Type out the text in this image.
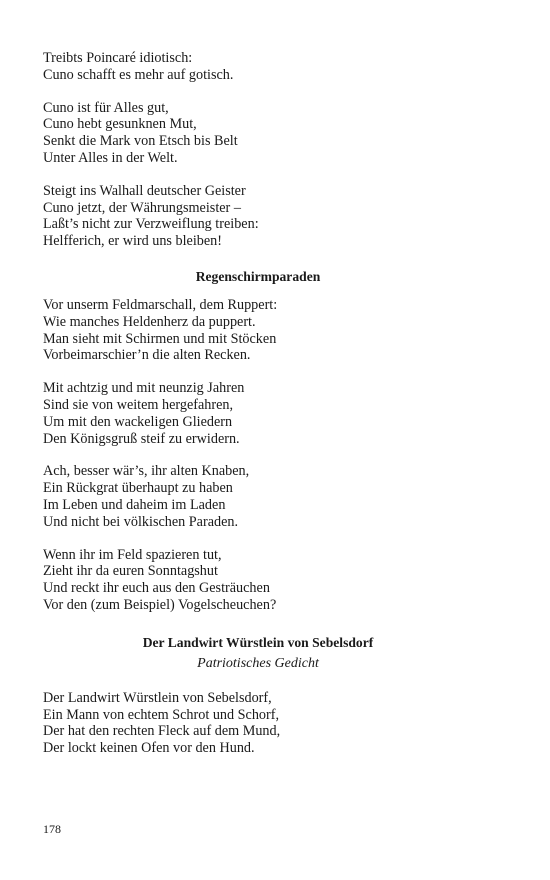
Treibts Poincaré idiotisch:
Cuno schafft es mehr auf gotisch.
Cuno ist für Alles gut,
Cuno hebt gesunknen Mut,
Senkt die Mark von Etsch bis Belt
Unter Alles in der Welt.
Steigt ins Walhall deutscher Geister
Cuno jetzt, der Währungsmeister –
Laßt’s nicht zur Verzweiflung treiben:
Helfferich, er wird uns bleiben!
Regenschirmparaden
Vor unserm Feldmarschall, dem Ruppert:
Wie manches Heldenherz da puppert.
Man sieht mit Schirmen und mit Stöcken
Vorbeimarschier’n die alten Recken.
Mit achtzig und mit neunzig Jahren
Sind sie von weitem hergefahren,
Um mit den wackeligen Gliedern
Den Königsgruß steif zu erwidern.
Ach, besser wär’s, ihr alten Knaben,
Ein Rückgrat überhaupt zu haben
Im Leben und daheim im Laden
Und nicht bei völkischen Paraden.
Wenn ihr im Feld spazieren tut,
Zieht ihr da euren Sonntagshut
Und reckt ihr euch aus den Gesträuchen
Vor den (zum Beispiel) Vogelscheuchen?
Der Landwirt Würstlein von Sebelsdorf
Patriotisches Gedicht
Der Landwirt Würstlein von Sebelsdorf,
Ein Mann von echtem Schrot und Schorf,
Der hat den rechten Fleck auf dem Mund,
Der lockt keinen Ofen vor den Hund.
178
